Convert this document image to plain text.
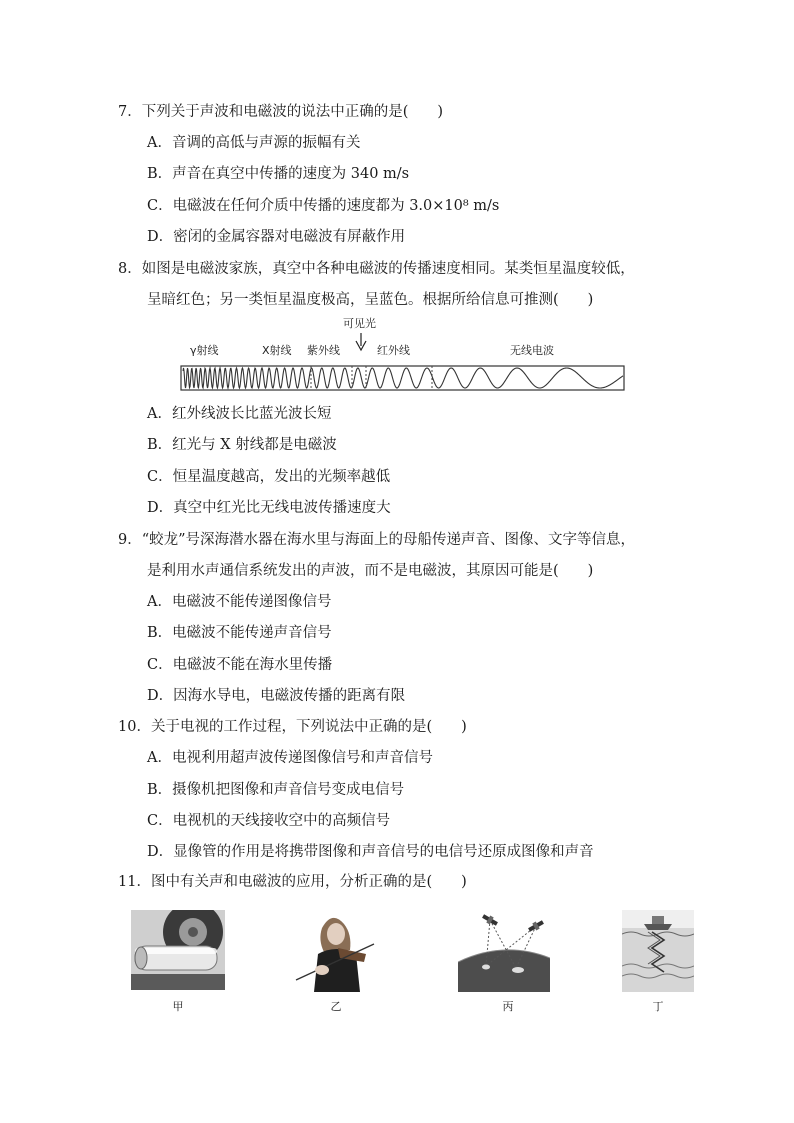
7．下列关于声波和电磁波的说法中正确的是(　　)
A．音调的高低与声源的振幅有关
B．声音在真空中传播的速度为 340 m/s
C．电磁波在任何介质中传播的速度都为 3.0×10⁸ m/s
D．密闭的金属容器对电磁波有屏蔽作用
8．如图是电磁波家族，真空中各种电磁波的传播速度相同。某类恒星温度较低，
呈暗红色；另一类恒星温度极高，呈蓝色。根据所给信息可推测(　　)
可见光
γ射线	X射线 紫外线	红外线	无线电波
A．红外线波长比蓝光波长短
B．红光与 X 射线都是电磁波
C．恒星温度越高，发出的光频率越低
D．真空中红光比无线电波传播速度大
9．“蛟龙”号深海潜水器在海水里与海面上的母船传递声音、图像、文字等信息，
是利用水声通信系统发出的声波，而不是电磁波，其原因可能是(　　)
A．电磁波不能传递图像信号
B．电磁波不能传递声音信号
C．电磁波不能在海水里传播
D．因海水导电，电磁波传播的距离有限
10．关于电视的工作过程，下列说法中正确的是(　　)
A．电视利用超声波传递图像信号和声音信号
B．摄像机把图像和声音信号变成电信号
C．电视机的天线接收空中的高频信号
D．显像管的作用是将携带图像和声音信号的电信号还原成图像和声音
11．图中有关声和电磁波的应用，分析正确的是(　　)
甲	乙	丙	丁
